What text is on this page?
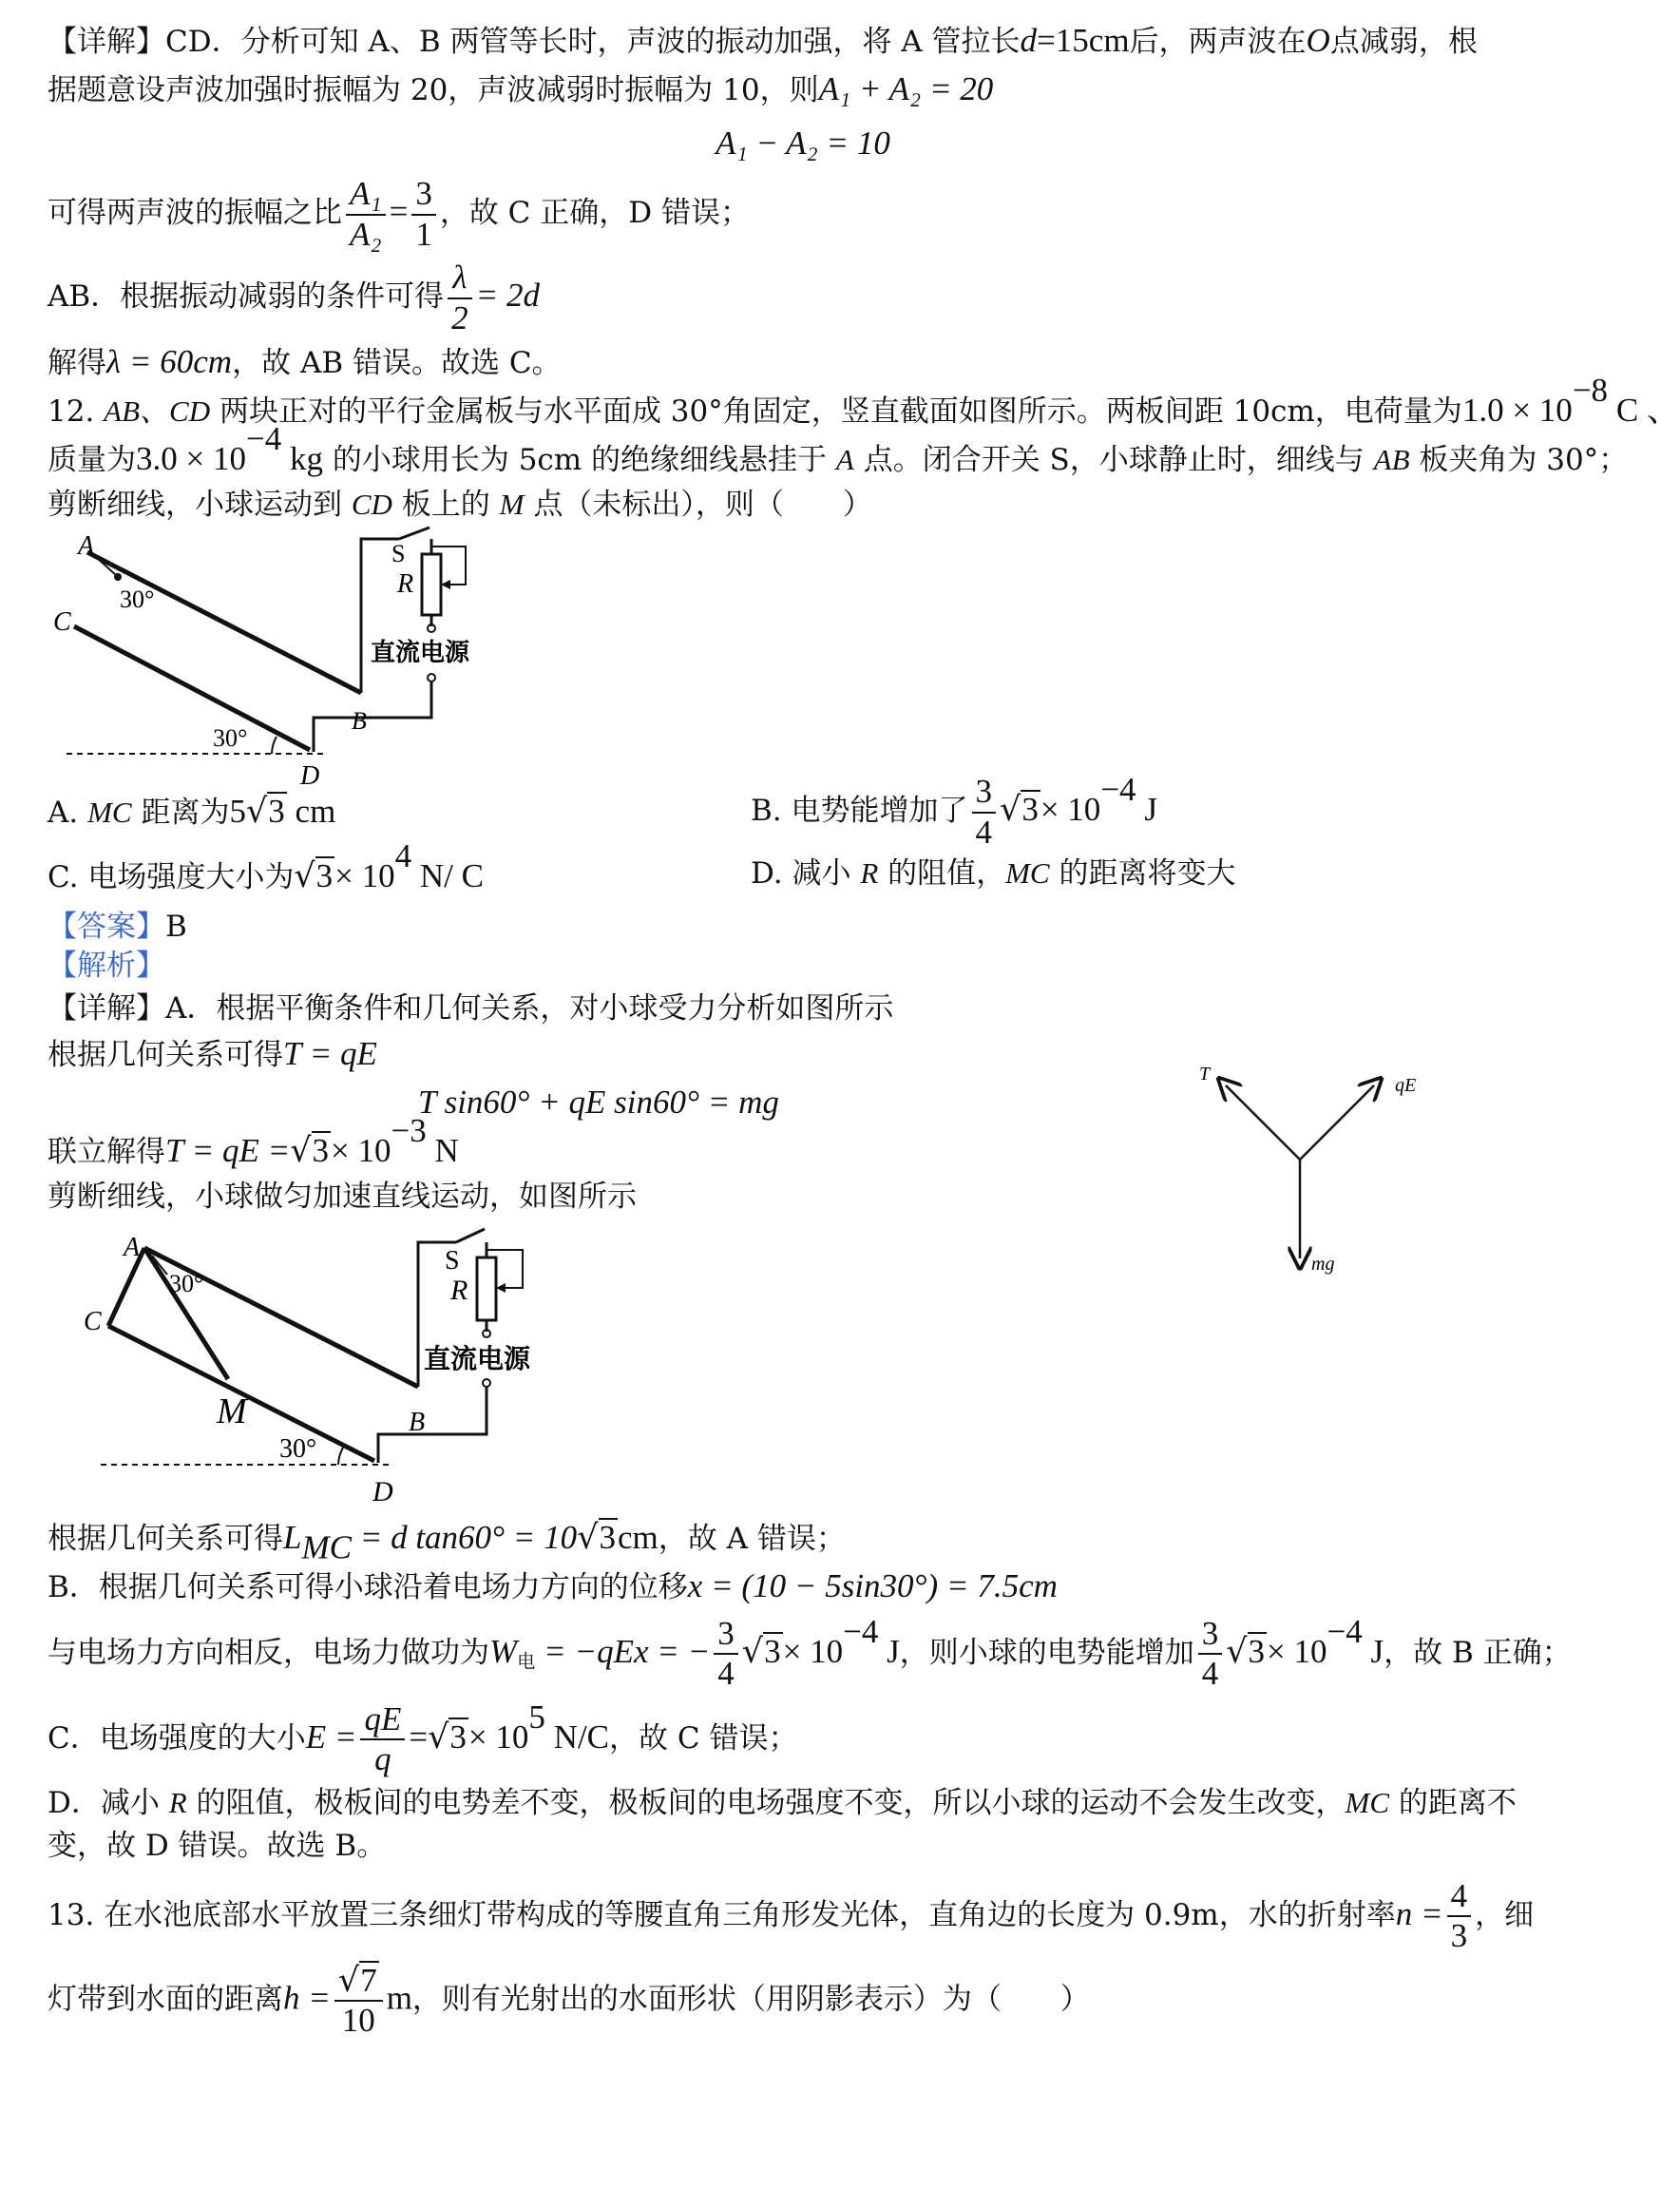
【详解】CD．分析可知 A、B 两管等长时，声波的振动加强，将 A 管拉长d=15cm后，两声波在O点减弱，根
据题意设声波加强时振幅为 20，声波减弱时振幅为 10，则A₁ + A₂ = 20
A₁ − A₂ = 10
可得两声波的振幅之比 $\frac{\text{A₁}}{\text{A₂}} = \frac{3}{1}$ ，故 C 正确，D 错误；
AB．根据振动减弱的条件可得 $\frac{\lambda}{2} = 2d$
解得λ = 60cm，故 AB 错误。故选 C。
12. AB、CD 两块正对的平行金属板与水平面成 30°角固定，竖直截面如图所示。两板间距 10cm，电荷量为$1.0 \times 10^{-8}$ C 、
质量为$3.0 \times 10^{-4}$ kg 的小球用长为 5cm 的绝缘细线悬挂于 A 点。闭合开关 S，小球静止时，细线与 AB 板夹角为 30°；
剪断细线，小球运动到 CD 板上的 M 点（未标出），则（　　）
A
C
B
D
30°
30°
S
R
直流电源
A. MC 距离为5√3 cm	B. 电势能增加了 $\frac{3}{4} √3\times 10^{-4}$ J
C. 电场强度大小为$√3\times 10^4$ N/ C	D. 减小 R 的阻值，MC 的距离将变大
【答案】B
【解析】
【详解】A．根据平衡条件和几何关系，对小球受力分析如图所示
根据几何关系可得T = qE
T sin60° + qE sin60° = mg
联立解得T = qE $=√3\times 10^{-3}$ N
剪断细线，小球做匀加速直线运动，如图所示
T
qE
mg
A
C
M	B
D
30°
30°
S
R
直流电源
根据几何关系可得$L_{MC} = d$ tan60° = 10√3cm，故 A 错误；
B．根据几何关系可得小球沿着电场力方向的位移x = (10 − 5sin30°) = 7.5cm
与电场力方向相反，电场力做功为$W_电 = -qEx$ = − $\frac{3}{4} √3\times 10^{-4}$ J，则小球的电势能增加 $\frac{3}{4} √3\times 10^{-4}$ J，故 B 正确；
C．电场强度的大小$E = \frac{qE}{q} =√3\times 10^5$ N/C，故 C 错误；
D．减小 R 的阻值，极板间的电势差不变，极板间的电场强度不变，所以小球的运动不会发生改变，MC 的距离不
变，故 D 错误。故选 B。
13. 在水池底部水平放置三条细灯带构成的等腰直角三角形发光体，直角边的长度为 0.9m，水的折射率$n = \frac{4}{3}$ ，细
灯带到水面的距离$h = \frac{√7}{10}$ m，则有光射出的水面形状（用阴影表示）为（　　）
